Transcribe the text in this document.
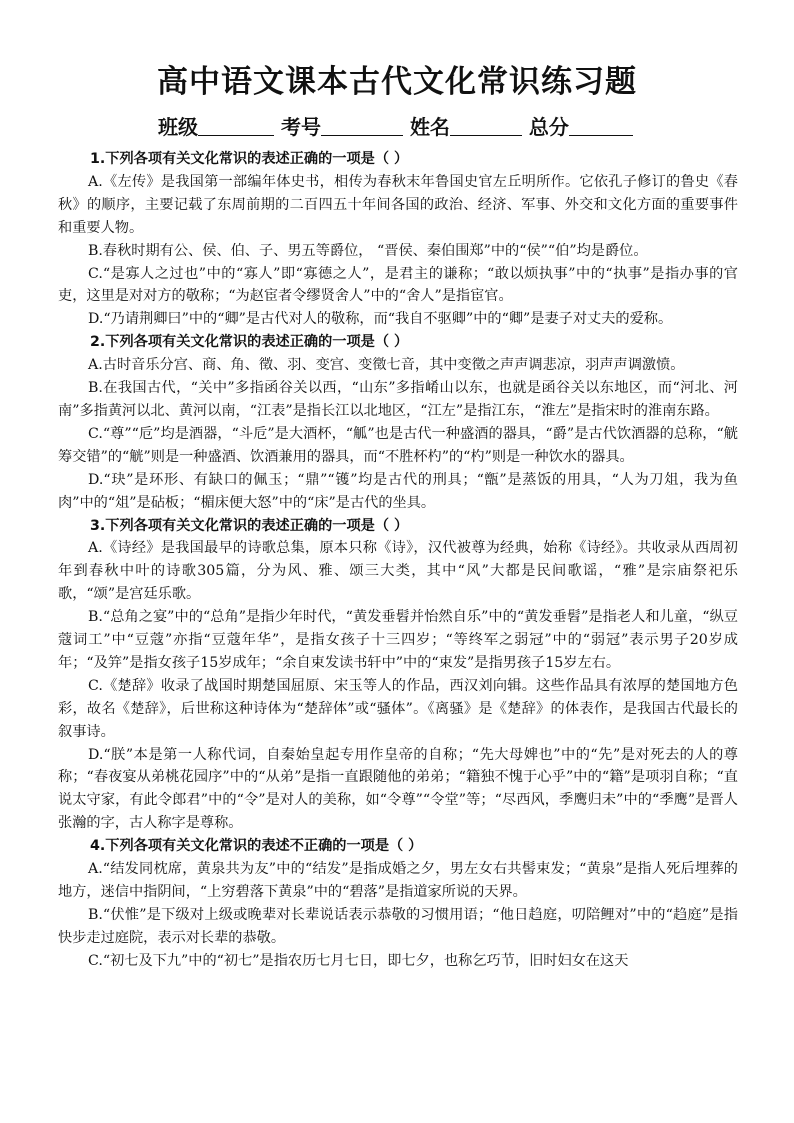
高中语文课本古代文化常识练习题
班级	考号	姓名	总分

1.下列各项有关文化常识的表述正确的一项是（ ）

A.《左传》是我国第一部编年体史书，相传为春秋末年鲁国史官左丘明所作。它依孔子修订的鲁史《春秋》的顺序，主要记载了东周前期的二百四五十年间各国的政治、经济、军事、外交和文化方面的重要事件和重要人物。

B.春秋时期有公、侯、伯、子、男五等爵位， “晋侯、秦伯围郑”中的“侯”“伯”均是爵位。

C.“是寡人之过也”中的“寡人”即“寡德之人”，是君主的谦称；“敢以烦执事”中的“执事”是指办事的官吏，这里是对对方的敬称；“为赵宦者令缪贤舍人”中的“舍人”是指宦官。

D.“乃请荆卿曰”中的“卿”是古代对人的敬称，而“我自不驱卿”中的“卿”是妻子对丈夫的爱称。

2.下列各项有关文化常识的表述正确的一项是（ ）

A.古时音乐分宫、商、角、徵、羽、变宫、变徵七音，其中变徵之声声调悲凉，羽声声调激愤。

B.在我国古代，“关中”多指函谷关以西，“山东”多指崤山以东，也就是函谷关以东地区，而“河北、河南”多指黄河以北、黄河以南，“江表”是指长江以北地区，“江左”是指江东，“淮左”是指宋时的淮南东路。

C.“尊”“卮”均是酒器，“斗卮”是大酒杯，“觚”也是古代一种盛酒的器具，“爵”是古代饮酒器的总称，“觥筹交错”的“觥”则是一种盛酒、饮酒兼用的器具，而“不胜杯杓”的“杓”则是一种饮水的器具。

D.“玦”是环形、有缺口的佩玉；“鼎”“镬”均是古代的刑具；“甑”是蒸饭的用具，“人为刀俎，我为鱼肉”中的“俎”是砧板；“楣床便大怒”中的“床”是古代的坐具。

3.下列各项有关文化常识的表述正确的一项是（ ）

A.《诗经》是我国最早的诗歌总集，原本只称《诗》，汉代被尊为经典，始称《诗经》。共收录从西周初年到春秋中叶的诗歌305篇，分为风、雅、颂三大类，其中“风”大都是民间歌谣，“雅”是宗庙祭祀乐歌，“颂”是宫廷乐歌。

B.“总角之宴”中的“总角”是指少年时代，“黄发垂髫并怡然自乐”中的“黄发垂髫”是指老人和儿童，“纵豆蔻词工”中“豆蔻”亦指“豆蔻年华”，是指女孩子十三四岁；“等终军之弱冠”中的“弱冠”表示男子20岁成年；“及笄”是指女孩子15岁成年；“余自束发读书轩中”中的“束发”是指男孩子15岁左右。

C.《楚辞》收录了战国时期楚国屈原、宋玉等人的作品，西汉刘向辑。这些作品具有浓厚的楚国地方色彩，故名《楚辞》，后世称这种诗体为“楚辞体”或“骚体”。《离骚》是《楚辞》的体表作，是我国古代最长的叙事诗。

D.“朕”本是第一人称代词，自秦始皇起专用作皇帝的自称；“先大母婢也”中的“先”是对死去的人的尊称；“春夜宴从弟桃花园序”中的“从弟”是指一直跟随他的弟弟；“籍独不愧于心乎”中的“籍”是项羽自称；“直说太守家，有此令郎君”中的“令”是对人的美称，如“令尊”“令堂”等；“尽西风，季鹰归未”中的“季鹰”是晋人张瀚的字，古人称字是尊称。

4.下列各项有关文化常识的表述不正确的一项是（ ）

A.“结发同枕席，黄泉共为友”中的“结发”是指成婚之夕，男左女右共髻束发；“黄泉”是指人死后埋葬的地方，迷信中指阴间，“上穷碧落下黄泉”中的“碧落”是指道家所说的天界。

B.“伏惟”是下级对上级或晚辈对长辈说话表示恭敬的习惯用语；“他日趋庭，叨陪鲤对”中的“趋庭”是指快步走过庭院，表示对长辈的恭敬。

C.“初七及下九”中的“初七”是指农历七月七日，即七夕，也称乞巧节，旧时妇女在这天
